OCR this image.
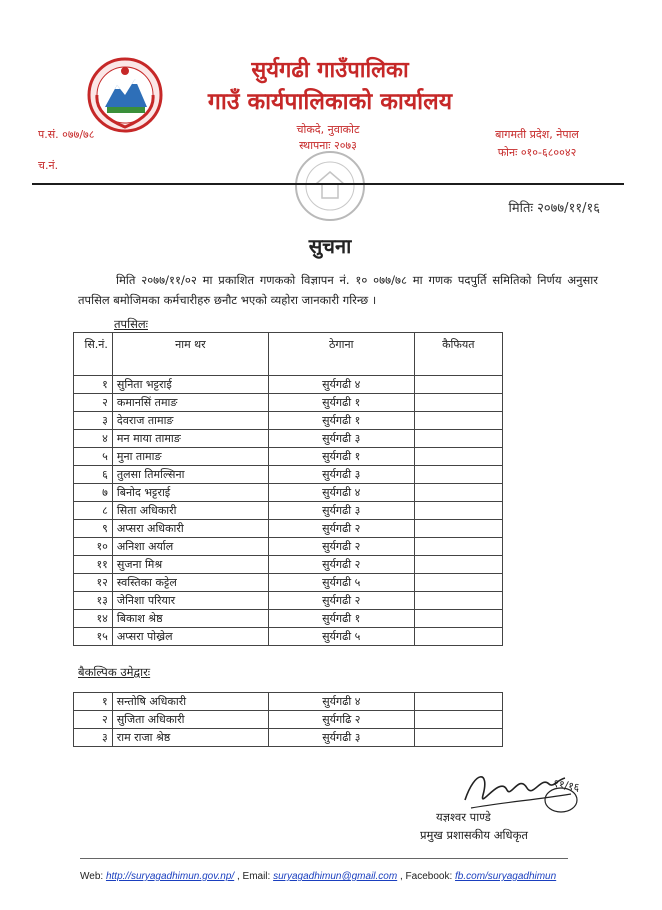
सुर्यगढी गाउँपालिका
गाउँ कार्यपालिकाको कार्यालय
प.सं. ०७७/७८
च.नं.
चोकदे, नुवाकोट
स्थापनाः २०७३
बागमती प्रदेश, नेपाल
फोनः ०१०-६८००४२
मितिः २०७७/११/१६
सुचना
मिति २०७७/११/०२ मा प्रकाशित गणकको विज्ञापन नं. १० ०७७/७८ मा गणक पदपुर्ति समितिको निर्णय अनुसार तपसिल बमोजिमका कर्मचारीहरु छनौट भएको व्यहोरा जानकारी गरिन्छ ।
तपसिलः
सि.नं.	नाम थर	ठेगाना	कैफियत
१	सुनिता भट्टराई	सुर्यगढी ४	
२	कमानसिं तमाङ	सुर्यगढी १	
३	देवराज तामाङ	सुर्यगढी १	
४	मन माया तामाङ	सुर्यगढी ३	
५	मुना तामाङ	सुर्यगढी १	
६	तुलसा तिमल्सिना	सुर्यगढी ३	
७	बिनोद भट्टराई	सुर्यगढी ४	
८	सिता अधिकारी	सुर्यगढी ३	
९	अप्सरा अधिकारी	सुर्यगढी २	
१०	अनिशा अर्याल	सुर्यगढी २	
११	सुजना मिश्र	सुर्यगढी २	
१२	स्वस्तिका कट्टेल	सुर्यगढी ५	
१३	जेनिशा परियार	सुर्यगढी २	
१४	बिकाश श्रेष्ठ	सुर्यगढी १	
१५	अप्सरा पोख्रेल	सुर्यगढी ५	
बैकल्पिक उमेद्वारः
१	सन्तोषि अधिकारी	सुर्यगढी ४	
२	सुजिता अधिकारी	सुर्यगढि २	
३	राम राजा श्रेष्ठ	सुर्यगढी ३	
११/१६
यज्ञश्वर पाण्डे
प्रमुख प्रशासकीय अधिकृत
Web: http://suryagadhimun.gov.np/ , Email: suryagadhimun@gmail.com , Facebook: fb.com/suryagadhimun
